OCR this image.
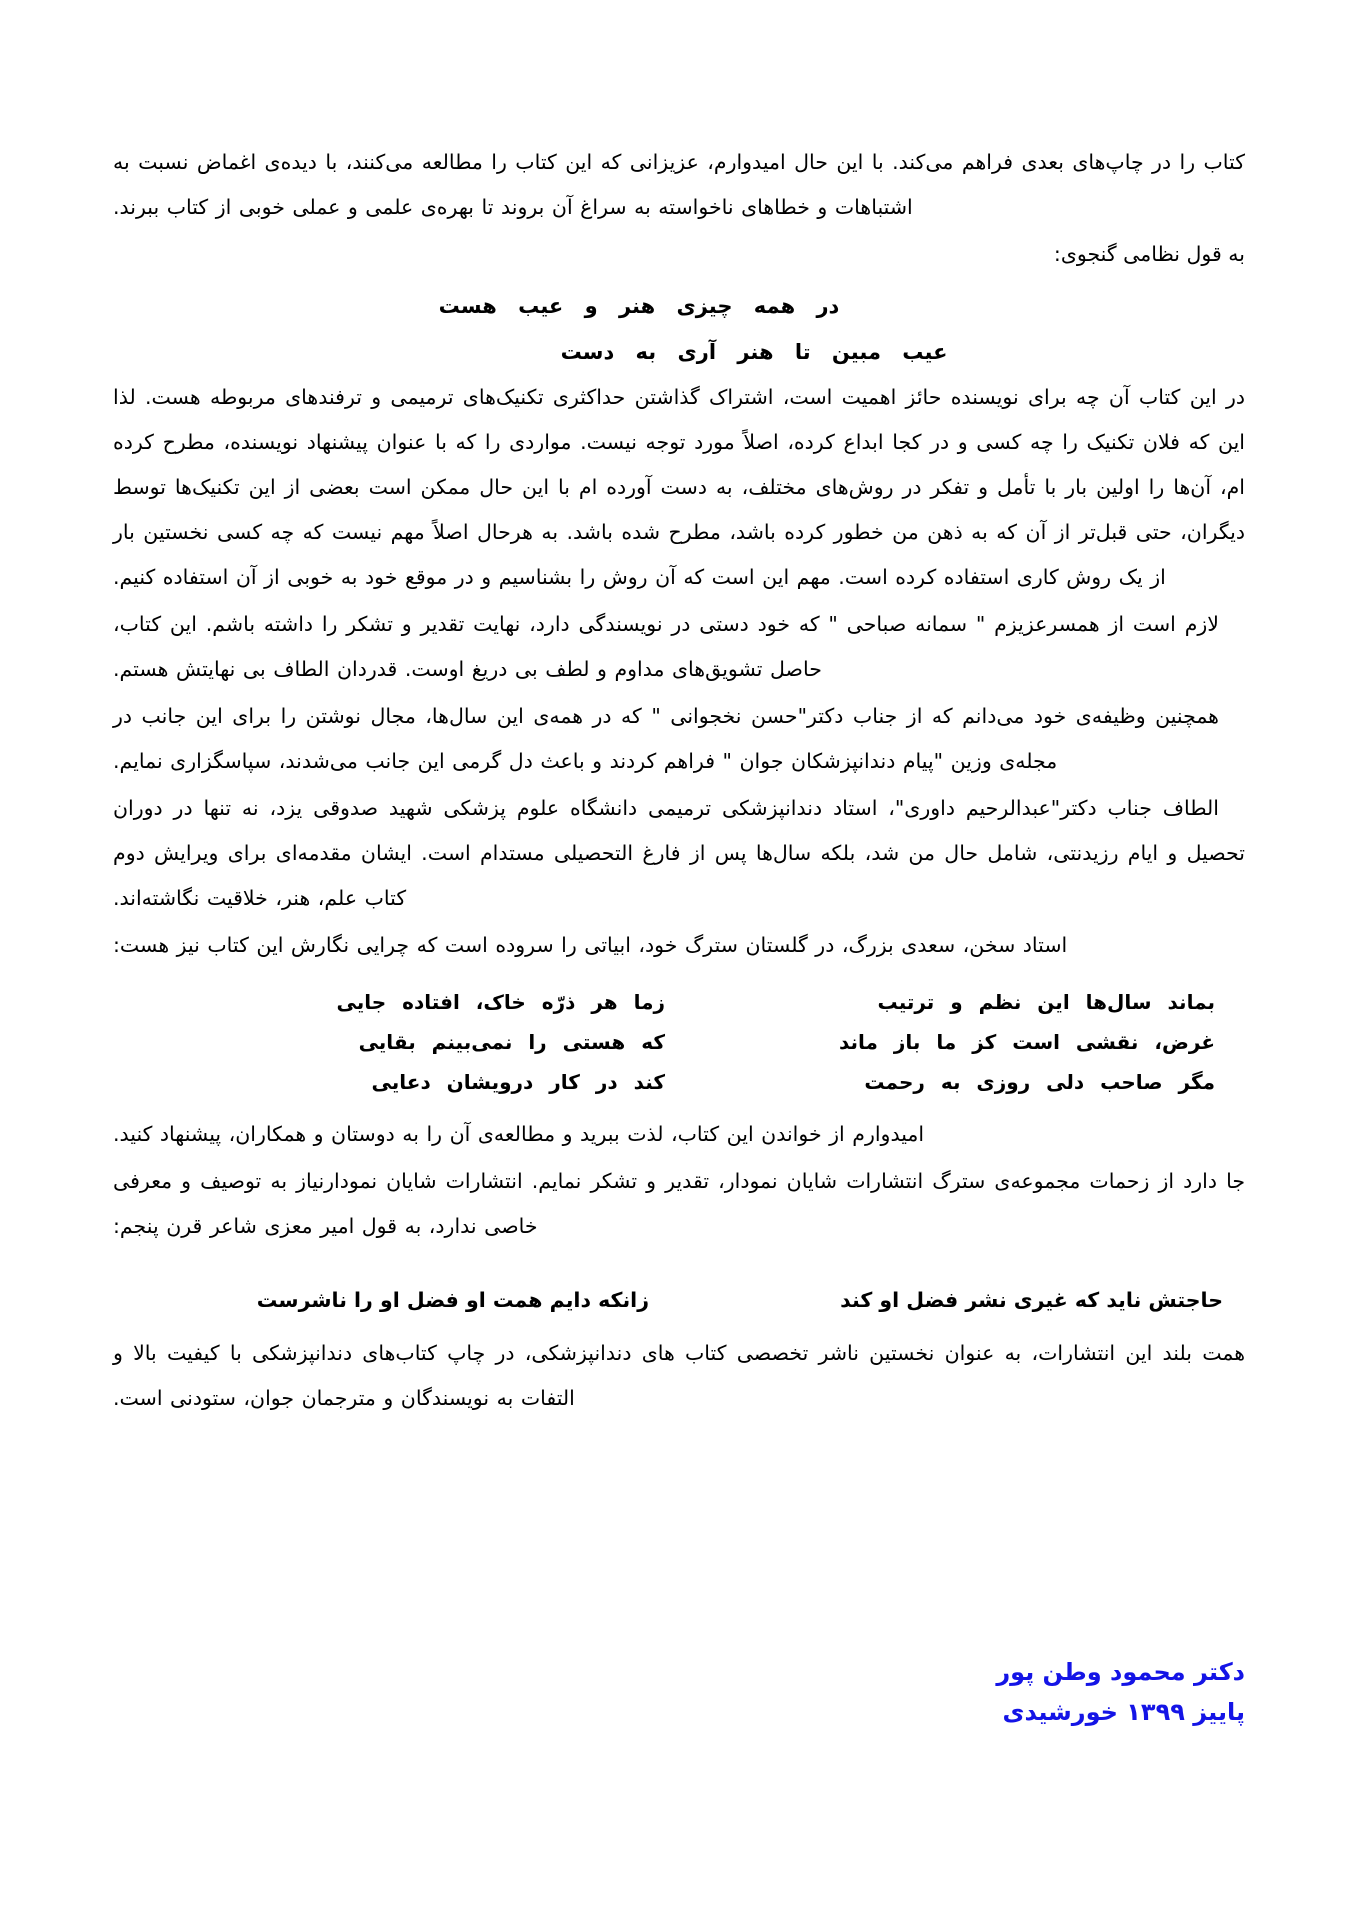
کتاب را در چاپ‌های بعدی فراهم می‌کند. با این حال امیدوارم، عزیزانی که این کتاب را مطالعه می‌کنند، با دیده‌ی اغماض نسبت به اشتباهات و خطاهای ناخواسته به سراغ آن بروند تا بهره‌ی علمی و عملی خوبی از کتاب ببرند.

به قول نظامی گنجوی:

در همه چیزی هنر و عیب هست
عیب مبین تا هنر آری به دست

در این کتاب آن چه برای نویسنده حائز اهمیت است، اشتراک گذاشتن حداکثری تکنیک‌های ترمیمی و ترفندهای مربوطه هست. لذا این که فلان تکنیک را چه کسی و در کجا ابداع کرده، اصلاً مورد توجه نیست. مواردی را که با عنوان پیشنهاد نویسنده، مطرح کرده ام، آن‌ها را اولین بار با تأمل و تفکر در روش‌های مختلف، به دست آورده ام با این حال ممکن است بعضی از این تکنیک‌ها توسط دیگران، حتی قبل‌تر از آن که به ذهن من خطور کرده باشد، مطرح شده باشد. به هرحال اصلاً مهم نیست که چه کسی نخستین بار از یک روش کاری استفاده کرده است. مهم این است که آن روش را بشناسیم و در موقع خود به خوبی از آن استفاده کنیم.

لازم است از همسرعزیزم " سمانه صباحی " که خود دستی در نویسندگی دارد، نهایت تقدیر و تشکر را داشته باشم. این کتاب، حاصل تشویق‌های مداوم و لطف بی دریغ اوست. قدردان الطاف بی نهایتش هستم.

همچنین وظیفه‌ی خود می‌دانم که از جناب دکتر"حسن نخجوانی " که در همه‌ی این سال‌ها، مجال نوشتن را برای این جانب در مجله‌ی وزین "پیام دندانپزشکان جوان " فراهم کردند و باعث دل گرمی این جانب می‌شدند، سپاسگزاری نمایم.

الطاف جناب دکتر"عبدالرحیم داوری"، استاد دندانپزشکی ترمیمی دانشگاه علوم پزشکی شهید صدوقی یزد، نه تنها در دوران تحصیل و ایام رزیدنتی، شامل حال من شد، بلکه سال‌ها پس از فارغ التحصیلی مستدام است. ایشان مقدمه‌ای برای ویرایش دوم کتاب علم، هنر، خلاقیت نگاشته‌اند.

استاد سخن، سعدی بزرگ، در گلستان سترگ خود، ابیاتی را سروده است که چرایی نگارش این کتاب نیز هست:

بماند سال‌ها این نظم و ترتیب
زما هر ذرّه خاک، افتاده جایی
غرض، نقشی است کز ما باز ماند
که هستی را نمی‌بینم بقایی
مگر صاحب دلی روزی به رحمت
کند در کار درویشان دعایی

امیدوارم از خواندن این کتاب، لذت ببرید و مطالعه‌ی آن را به دوستان و همکاران، پیشنهاد کنید.

جا دارد از زحمات مجموعه‌ی سترگ انتشارات شایان نمودار، تقدیر و تشکر نمایم. انتشارات شایان نمودارنیاز به توصیف و معرفی خاصی ندارد، به قول امیر معزی شاعر قرن پنجم:

حاجتش ناید که غیری نشر فضل او کند
زانکه دایم همت او فضل او را ناشرست

همت بلند این انتشارات، به عنوان نخستین ناشر تخصصی کتاب های دندانپزشکی، در چاپ کتاب‌های دندانپزشکی با کیفیت بالا و التفات به نویسندگان و مترجمان جوان، ستودنی است.

دکتر محمود وطن پور
پاییز ۱۳۹۹ خورشیدی
